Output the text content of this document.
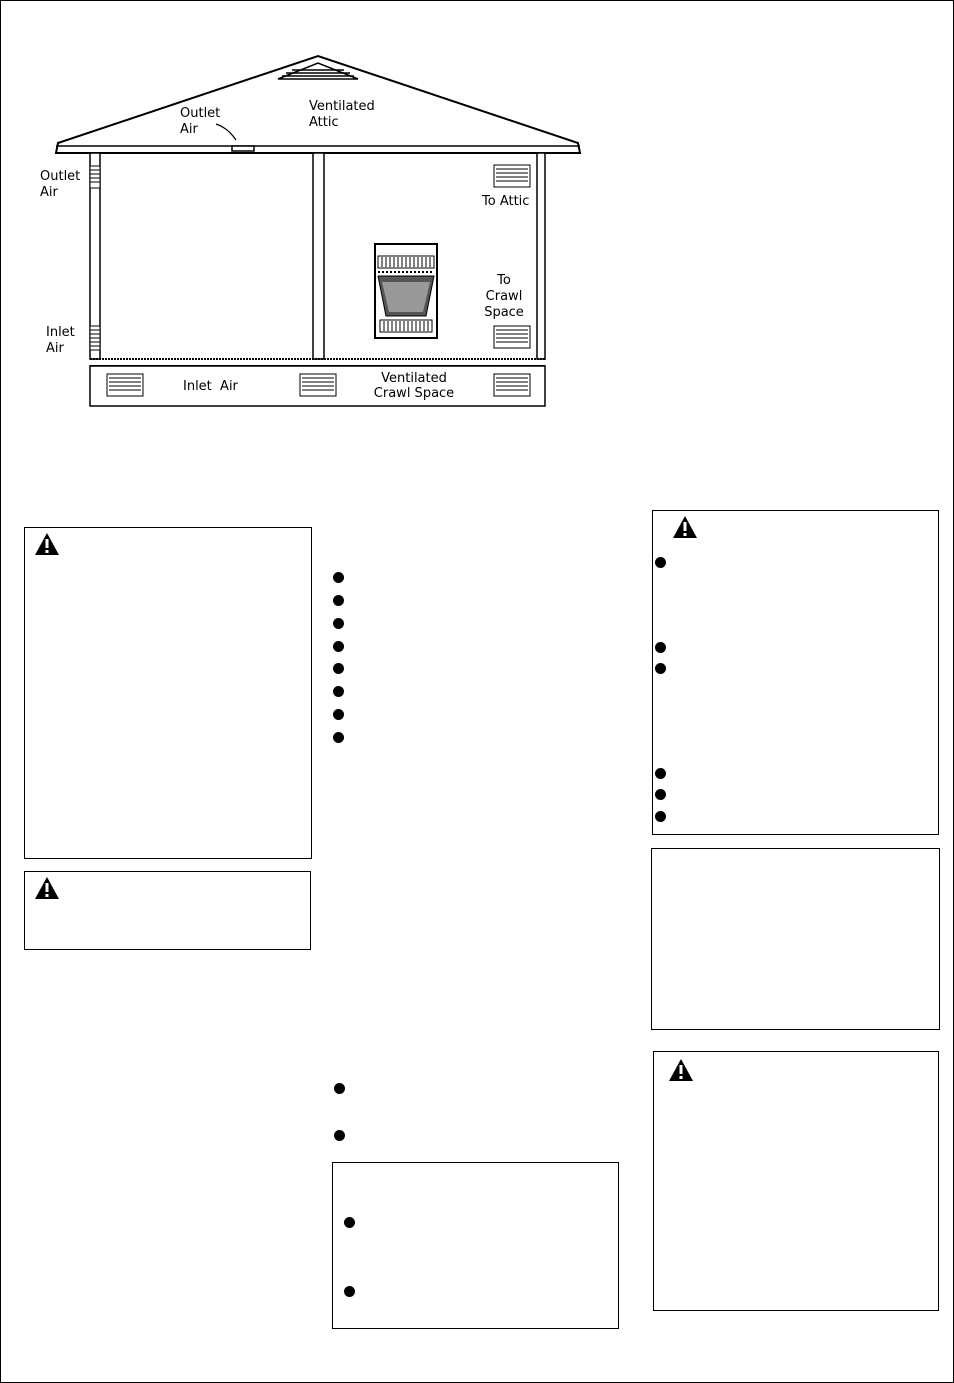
Outlet
Air
Ventilated
Attic
Outlet
Air
Inlet
Air
To Attic
To
Crawl
Space
Inlet  Air
Ventilated
Crawl Space
